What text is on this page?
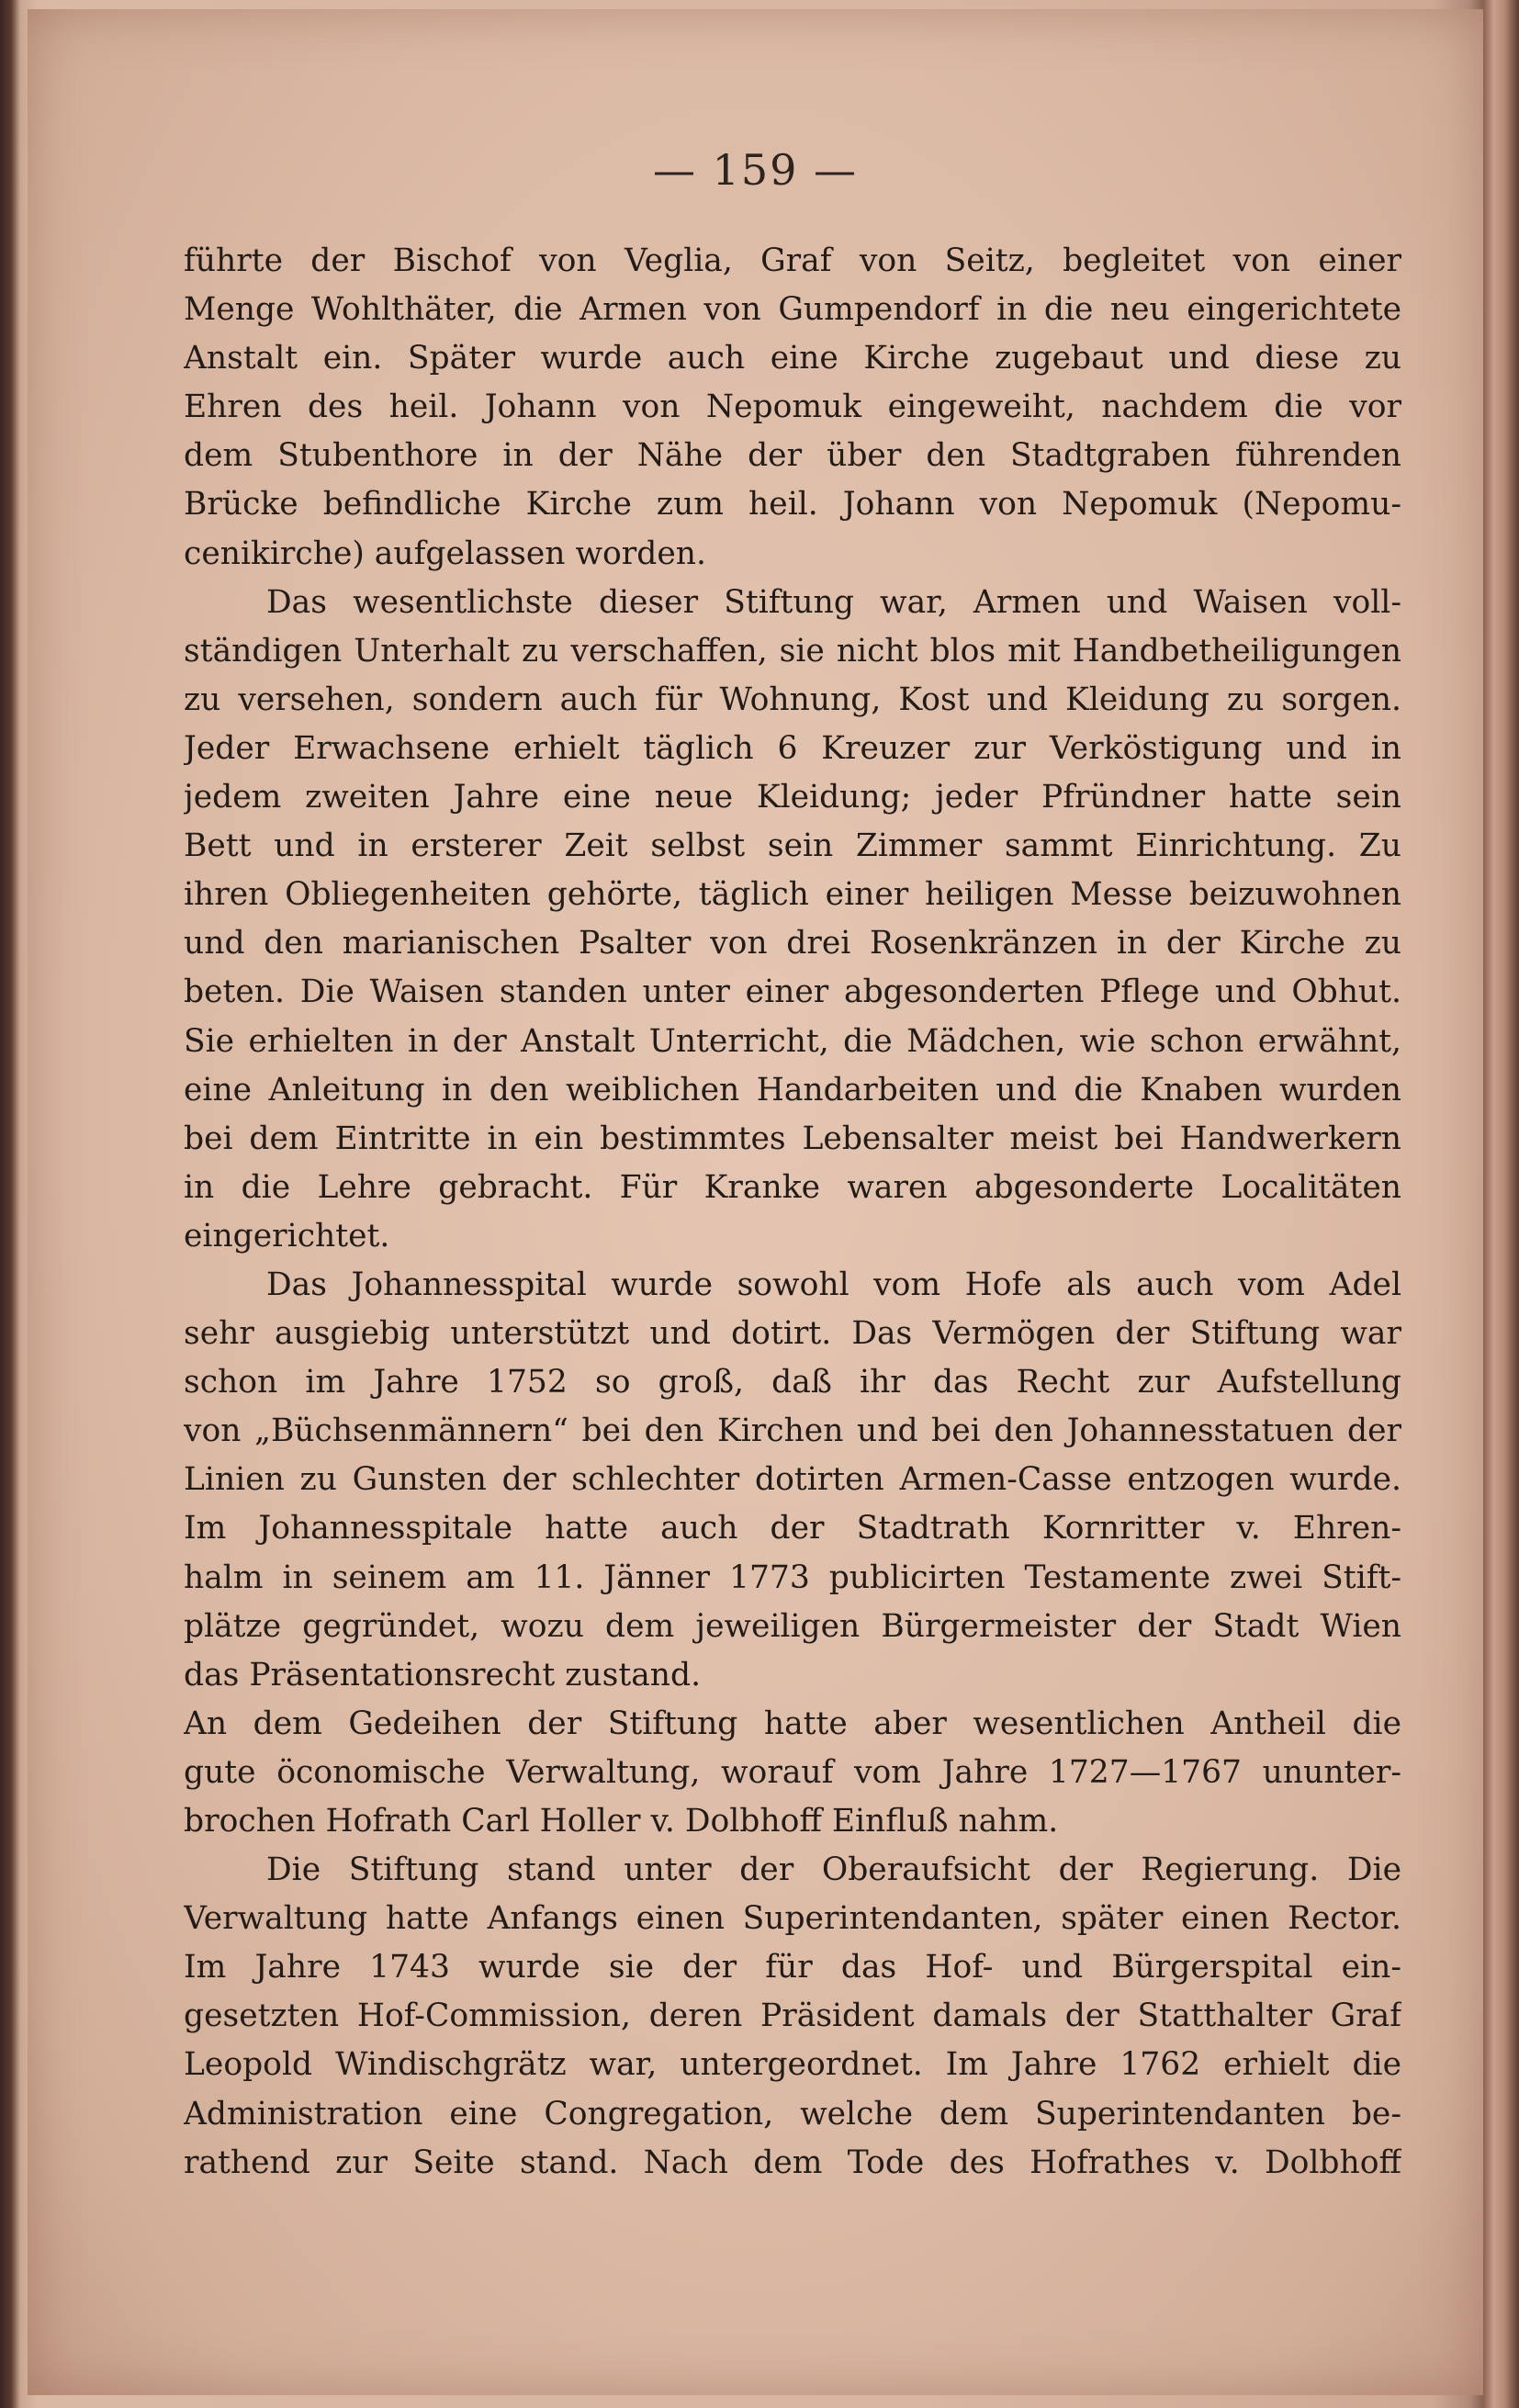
— 159 —
führte der Bischof von Veglia, Graf von Seitz, begleitet von einer
Menge Wohlthäter, die Armen von Gumpendorf in die neu eingerichtete
Anstalt ein. Später wurde auch eine Kirche zugebaut und diese zu
Ehren des heil. Johann von Nepomuk eingeweiht, nachdem die vor
dem Stubenthore in der Nähe der über den Stadtgraben führenden
Brücke befindliche Kirche zum heil. Johann von Nepomuk (Nepomu-
cenikirche) aufgelassen worden.
Das wesentlichste dieser Stiftung war, Armen und Waisen voll-
ständigen Unterhalt zu verschaffen, sie nicht blos mit Handbetheiligungen
zu versehen, sondern auch für Wohnung, Kost und Kleidung zu sorgen.
Jeder Erwachsene erhielt täglich 6 Kreuzer zur Verköstigung und in
jedem zweiten Jahre eine neue Kleidung; jeder Pfründner hatte sein
Bett und in ersterer Zeit selbst sein Zimmer sammt Einrichtung. Zu
ihren Obliegenheiten gehörte, täglich einer heiligen Messe beizuwohnen
und den marianischen Psalter von drei Rosenkränzen in der Kirche zu
beten. Die Waisen standen unter einer abgesonderten Pflege und Obhut.
Sie erhielten in der Anstalt Unterricht, die Mädchen, wie schon erwähnt,
eine Anleitung in den weiblichen Handarbeiten und die Knaben wurden
bei dem Eintritte in ein bestimmtes Lebensalter meist bei Handwerkern
in die Lehre gebracht. Für Kranke waren abgesonderte Localitäten
eingerichtet.
Das Johannesspital wurde sowohl vom Hofe als auch vom Adel
sehr ausgiebig unterstützt und dotirt. Das Vermögen der Stiftung war
schon im Jahre 1752 so groß, daß ihr das Recht zur Aufstellung
von „Büchsenmännern“ bei den Kirchen und bei den Johannesstatuen der
Linien zu Gunsten der schlechter dotirten Armen-Casse entzogen wurde.
Im Johannesspitale hatte auch der Stadtrath Kornritter v. Ehren-
halm in seinem am 11. Jänner 1773 publicirten Testamente zwei Stift-
plätze gegründet, wozu dem jeweiligen Bürgermeister der Stadt Wien
das Präsentationsrecht zustand.
An dem Gedeihen der Stiftung hatte aber wesentlichen Antheil die
gute öconomische Verwaltung, worauf vom Jahre 1727—1767 ununter-
brochen Hofrath Carl Holler v. Dolbhoff Einfluß nahm.
Die Stiftung stand unter der Oberaufsicht der Regierung. Die
Verwaltung hatte Anfangs einen Superintendanten, später einen Rector.
Im Jahre 1743 wurde sie der für das Hof- und Bürgerspital ein-
gesetzten Hof-Commission, deren Präsident damals der Statthalter Graf
Leopold Windischgrätz war, untergeordnet. Im Jahre 1762 erhielt die
Administration eine Congregation, welche dem Superintendanten be-
rathend zur Seite stand. Nach dem Tode des Hofrathes v. Dolbhoff
